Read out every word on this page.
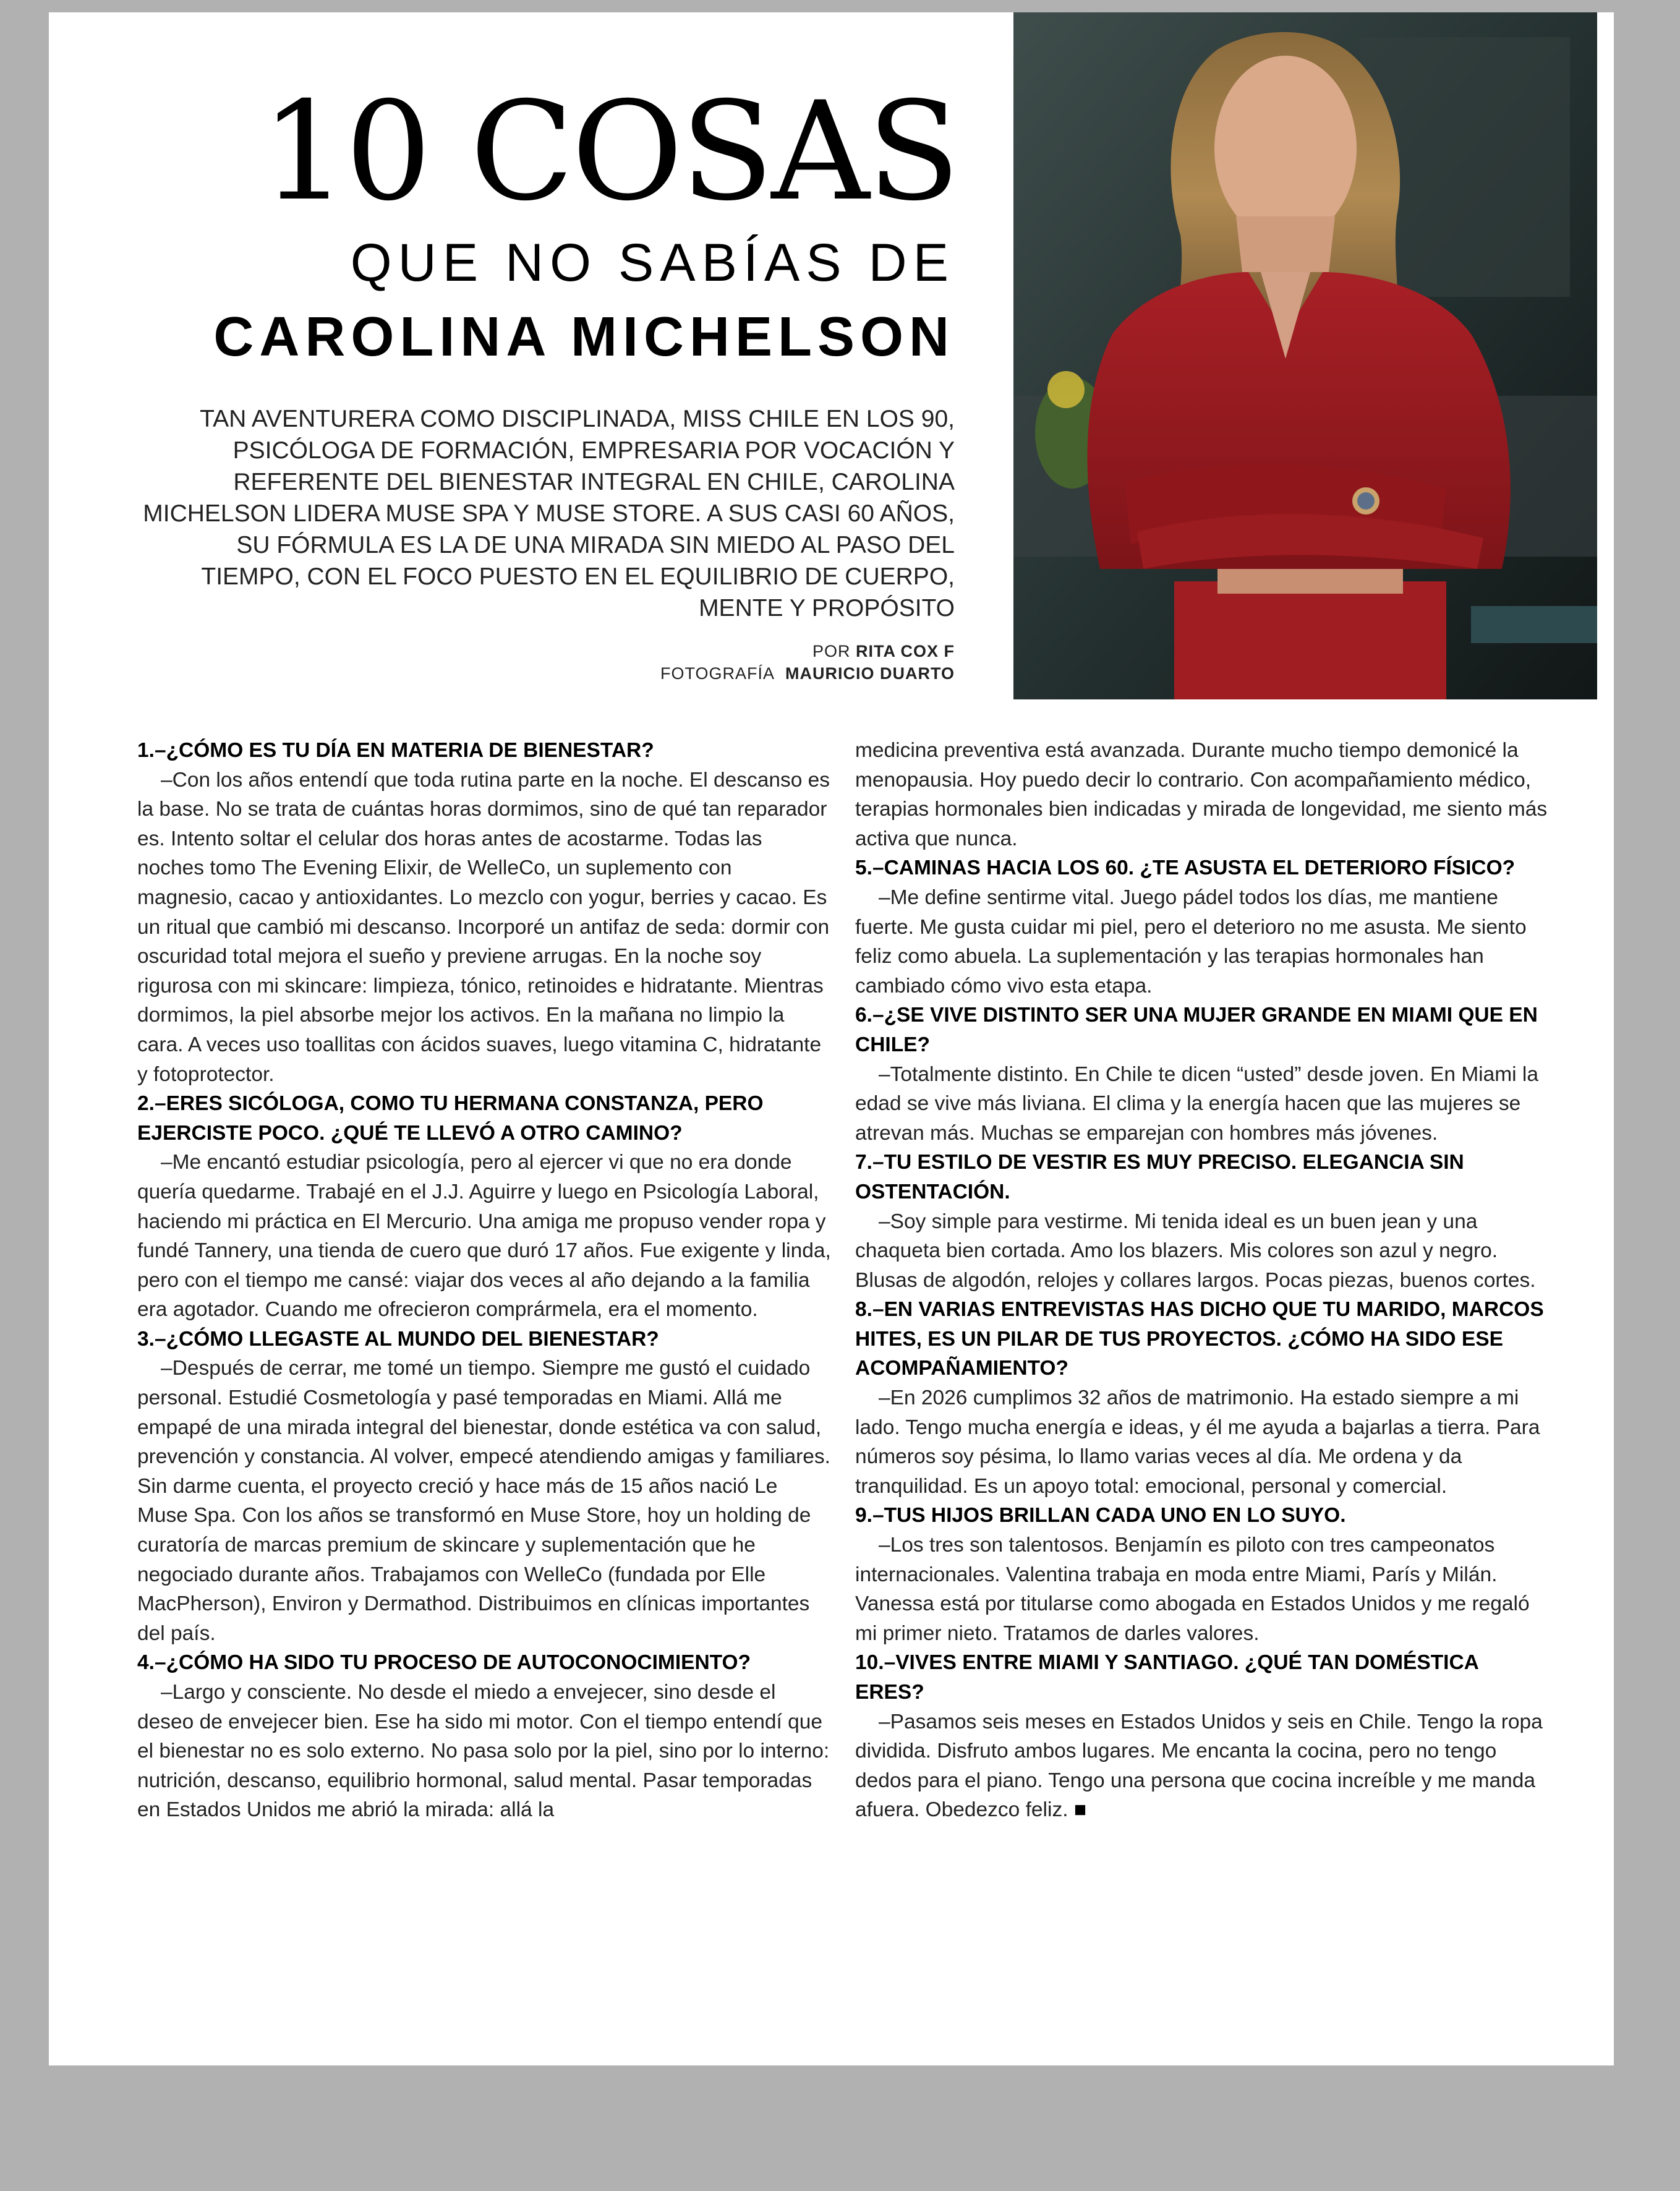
10 COSAS
QUE NO SABÍAS DE
CAROLINA MICHELSON
TAN AVENTURERA COMO DISCIPLINADA, MISS CHILE EN LOS 90, PSICÓLOGA DE FORMACIÓN, EMPRESARIA POR VOCACIÓN Y REFERENTE DEL BIENESTAR INTEGRAL EN CHILE, CAROLINA MICHELSON LIDERA MUSE SPA Y MUSE STORE. A SUS CASI 60 AÑOS, SU FÓRMULA ES LA DE UNA MIRADA SIN MIEDO AL PASO DEL TIEMPO, CON EL FOCO PUESTO EN EL EQUILIBRIO DE CUERPO, MENTE Y PROPÓSITO
POR RITA COX F
FOTOGRAFÍA MAURICIO DUARTO

1.–¿CÓMO ES TU DÍA EN MATERIA DE BIENESTAR?

–Con los años entendí que toda rutina parte en la noche. El descanso es la base. No se trata de cuántas horas dormimos, sino de qué tan reparador es. Intento soltar el celular dos horas antes de acostarme. Todas las noches tomo The Evening Elixir, de WelleCo, un suplemento con magnesio, cacao y antioxidantes. Lo mezclo con yogur, berries y cacao. Es un ritual que cambió mi descanso. Incorporé un antifaz de seda: dormir con oscuridad total mejora el sueño y previene arrugas. En la noche soy rigurosa con mi skincare: limpieza, tónico, retinoides e hidratante. Mientras dormimos, la piel absorbe mejor los activos. En la mañana no limpio la cara. A veces uso toallitas con ácidos suaves, luego vitamina C, hidratante y fotoprotector.

2.–ERES SICÓLOGA, COMO TU HERMANA CONSTANZA, PERO EJERCISTE POCO. ¿QUÉ TE LLEVÓ A OTRO CAMINO?

–Me encantó estudiar psicología, pero al ejercer vi que no era donde quería quedarme. Trabajé en el J.J. Aguirre y luego en Psicología Laboral, haciendo mi práctica en El Mercurio. Una amiga me propuso vender ropa y fundé Tannery, una tienda de cuero que duró 17 años. Fue exigente y linda, pero con el tiempo me cansé: viajar dos veces al año dejando a la familia era agotador. Cuando me ofrecieron comprármela, era el momento.

3.–¿CÓMO LLEGASTE AL MUNDO DEL BIENESTAR?

–Después de cerrar, me tomé un tiempo. Siempre me gustó el cuidado personal. Estudié Cosmetología y pasé temporadas en Miami. Allá me empapé de una mirada integral del bienestar, donde estética va con salud, prevención y constancia. Al volver, empecé atendiendo amigas y familiares. Sin darme cuenta, el proyecto creció y hace más de 15 años nació Le Muse Spa. Con los años se transformó en Muse Store, hoy un holding de curatoría de marcas premium de skincare y suplementación que he negociado durante años. Trabajamos con WelleCo (fundada por Elle MacPherson), Environ y Dermathod. Distribuimos en clínicas importantes del país.

4.–¿CÓMO HA SIDO TU PROCESO DE AUTOCONOCIMIENTO?

–Largo y consciente. No desde el miedo a envejecer, sino desde el deseo de envejecer bien. Ese ha sido mi motor. Con el tiempo entendí que el bienestar no es solo externo. No pasa solo por la piel, sino por lo interno: nutrición, descanso, equilibrio hormonal, salud mental. Pasar temporadas en Estados Unidos me abrió la mirada: allá la

medicina preventiva está avanzada. Durante mucho tiempo demonicé la menopausia. Hoy puedo decir lo contrario. Con acompañamiento médico, terapias hormonales bien indicadas y mirada de longevidad, me siento más activa que nunca.

5.–CAMINAS HACIA LOS 60. ¿TE ASUSTA EL DETERIORO FÍSICO?

–Me define sentirme vital. Juego pádel todos los días, me mantiene fuerte. Me gusta cuidar mi piel, pero el deterioro no me asusta. Me siento feliz como abuela. La suplementación y las terapias hormonales han cambiado cómo vivo esta etapa.

6.–¿SE VIVE DISTINTO SER UNA MUJER GRANDE EN MIAMI QUE EN CHILE?

–Totalmente distinto. En Chile te dicen “usted” desde joven. En Miami la edad se vive más liviana. El clima y la energía hacen que las mujeres se atrevan más. Muchas se emparejan con hombres más jóvenes.

7.–TU ESTILO DE VESTIR ES MUY PRECISO. ELEGANCIA SIN OSTENTACIÓN.

–Soy simple para vestirme. Mi tenida ideal es un buen jean y una chaqueta bien cortada. Amo los blazers. Mis colores son azul y negro. Blusas de algodón, relojes y collares largos. Pocas piezas, buenos cortes.

8.–EN VARIAS ENTREVISTAS HAS DICHO QUE TU MARIDO, MARCOS HITES, ES UN PILAR DE TUS PROYECTOS. ¿CÓMO HA SIDO ESE ACOMPAÑAMIENTO?

–En 2026 cumplimos 32 años de matrimonio. Ha estado siempre a mi lado. Tengo mucha energía e ideas, y él me ayuda a bajarlas a tierra. Para números soy pésima, lo llamo varias veces al día. Me ordena y da tranquilidad. Es un apoyo total: emocional, personal y comercial.

9.–TUS HIJOS BRILLAN CADA UNO EN LO SUYO.

–Los tres son talentosos. Benjamín es piloto con tres campeonatos internacionales. Valentina trabaja en moda entre Miami, París y Milán. Vanessa está por titularse como abogada en Estados Unidos y me regaló mi primer nieto. Tratamos de darles valores.

10.–VIVES ENTRE MIAMI Y SANTIAGO. ¿QUÉ TAN DOMÉSTICA ERES?

–Pasamos seis meses en Estados Unidos y seis en Chile. Tengo la ropa dividida. Disfruto ambos lugares. Me encanta la cocina, pero no tengo dedos para el piano. Tengo una persona que cocina increíble y me manda afuera. Obedezco feliz. ■
